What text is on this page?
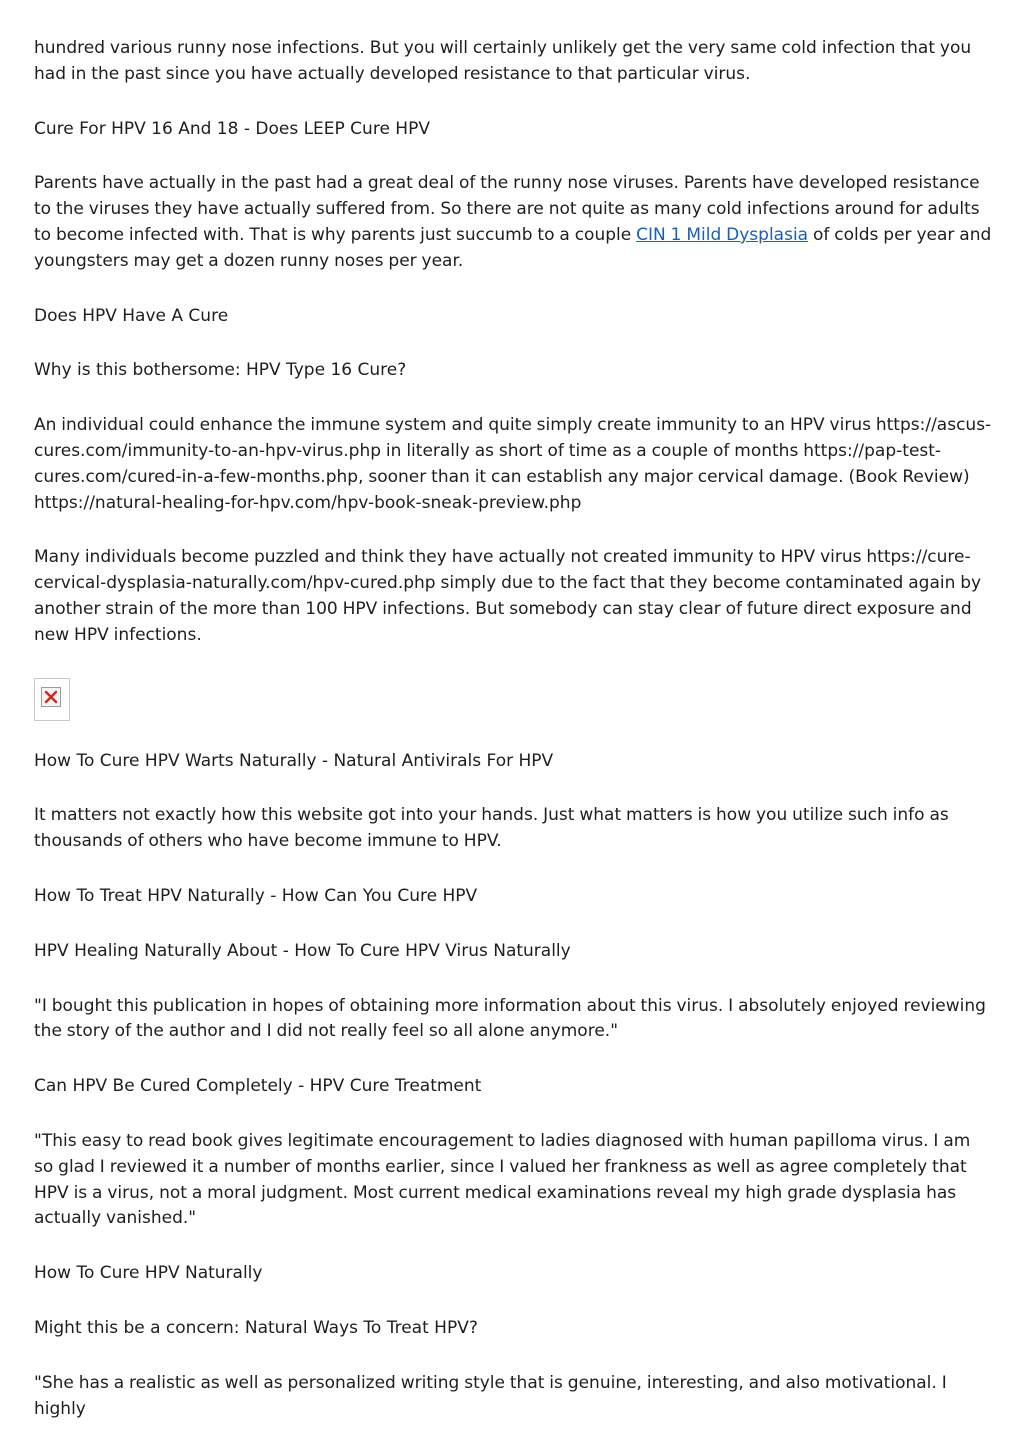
hundred various runny nose infections. But you will certainly unlikely get the very same cold infection that you had in the past since you have actually developed resistance to that particular virus.

Cure For HPV 16 And 18 - Does LEEP Cure HPV

Parents have actually in the past had a great deal of the runny nose viruses. Parents have developed resistance to the viruses they have actually suffered from. So there are not quite as many cold infections around for adults to become infected with. That is why parents just succumb to a couple CIN 1 Mild Dysplasia of colds per year and youngsters may get a dozen runny noses per year.

Does HPV Have A Cure

Why is this bothersome: HPV Type 16 Cure?

An individual could enhance the immune system and quite simply create immunity to an HPV virus https://ascus-cures.com/immunity-to-an-hpv-virus.php in literally as short of time as a couple of months https://pap-test-cures.com/cured-in-a-few-months.php, sooner than it can establish any major cervical damage. (Book Review) https://natural-healing-for-hpv.com/hpv-book-sneak-preview.php

Many individuals become puzzled and think they have actually not created immunity to HPV virus https://cure-cervical-dysplasia-naturally.com/hpv-cured.php simply due to the fact that they become contaminated again by another strain of the more than 100 HPV infections. But somebody can stay clear of future direct exposure and new HPV infections.

How To Cure HPV Warts Naturally - Natural Antivirals For HPV

It matters not exactly how this website got into your hands. Just what matters is how you utilize such info as thousands of others who have become immune to HPV.

How To Treat HPV Naturally - How Can You Cure HPV

HPV Healing Naturally About - How To Cure HPV Virus Naturally

"I bought this publication in hopes of obtaining more information about this virus. I absolutely enjoyed reviewing the story of the author and I did not really feel so all alone anymore."

Can HPV Be Cured Completely - HPV Cure Treatment

"This easy to read book gives legitimate encouragement to ladies diagnosed with human papilloma virus. I am so glad I reviewed it a number of months earlier, since I valued her frankness as well as agree completely that HPV is a virus, not a moral judgment. Most current medical examinations reveal my high grade dysplasia has actually vanished."

How To Cure HPV Naturally

Might this be a concern: Natural Ways To Treat HPV?

"She has a realistic as well as personalized writing style that is genuine, interesting, and also motivational. I highly
